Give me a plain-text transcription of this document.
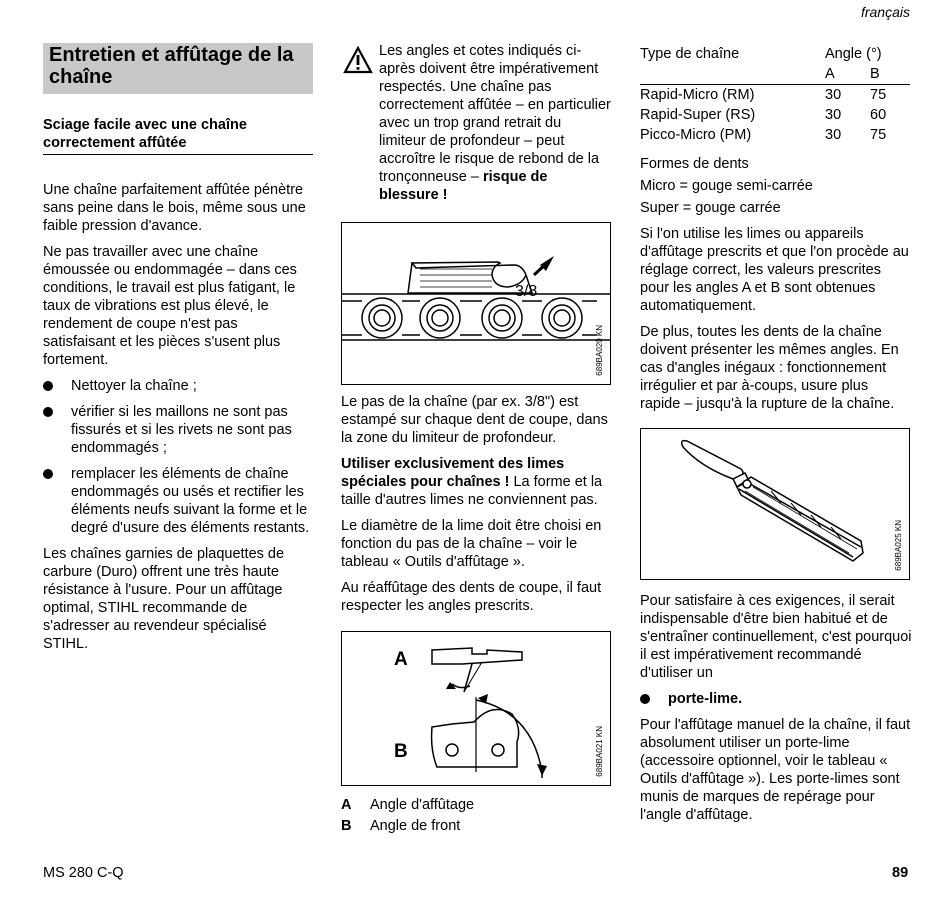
français
Entretien et affûtage de la chaîne
Sciage facile avec une chaîne correctement affûtée

Une chaîne parfaitement affûtée pénètre sans peine dans le bois, même sous une faible pression d'avance.

Ne pas travailler avec une chaîne émoussée ou endommagée – dans ces conditions, le travail est plus fatigant, le taux de vibrations est plus élevé, le rendement de coupe n'est pas satisfaisant et les pièces s'usent plus fortement.

Nettoyer la chaîne ;
vérifier si les maillons ne sont pas fissurés et si les rivets ne sont pas endommagés ;
remplacer les éléments de chaîne endommagés ou usés et rectifier les éléments neufs suivant la forme et le degré d'usure des éléments restants.

Les chaînes garnies de plaquettes de carbure (Duro) offrent une très haute résistance à l'usure. Pour un affûtage optimal, STIHL recommande de s'adresser au revendeur spécialisé STIHL.

Les angles et cotes indiqués ci-après doivent être impérativement respectés. Une chaîne pas correctement affûtée – en particulier avec un trop grand retrait du limiteur de profondeur – peut accroître le risque de rebond de la tronçonneuse – risque de blessure !
3/8
689BA020 KN

Le pas de la chaîne (par ex. 3/8") est estampé sur chaque dent de coupe, dans la zone du limiteur de profondeur.

Utiliser exclusivement des limes spéciales pour chaînes ! La forme et la taille d'autres limes ne conviennent pas.

Le diamètre de la lime doit être choisi en fonction du pas de la chaîne – voir le tableau « Outils d'affûtage ».

Au réaffûtage des dents de coupe, il faut respecter les angles prescrits.

A
B	689BA021 KN
A	Angle d'affûtage
B	Angle de front
Type de chaîne	Angle (°)	
	A	B
Rapid-Micro (RM)	30	75
Rapid-Super (RS)	30	60
Picco-Micro (PM)	30	75

Formes de dents

Micro = gouge semi-carrée

Super = gouge carrée

Si l'on utilise les limes ou appareils d'affûtage prescrits et que l'on procède au réglage correct, les valeurs prescrites pour les angles A et B sont obtenues automatiquement.

De plus, toutes les dents de la chaîne doivent présenter les mêmes angles. En cas d'angles inégaux : fonctionnement irrégulier et par à-coups, usure plus rapide – jusqu'à la rupture de la chaîne.

689BA025 KN

Pour satisfaire à ces exigences, il serait indispensable d'être bien habitué et de s'entraîner continuellement, c'est pourquoi il est impérativement recommandé d'utiliser un

porte-lime.

Pour l'affûtage manuel de la chaîne, il faut absolument utiliser un porte-lime (accessoire optionnel, voir le tableau « Outils d'affûtage »). Les porte-limes sont munis de marques de repérage pour l'angle d'affûtage.

MS 280 C-Q	89
